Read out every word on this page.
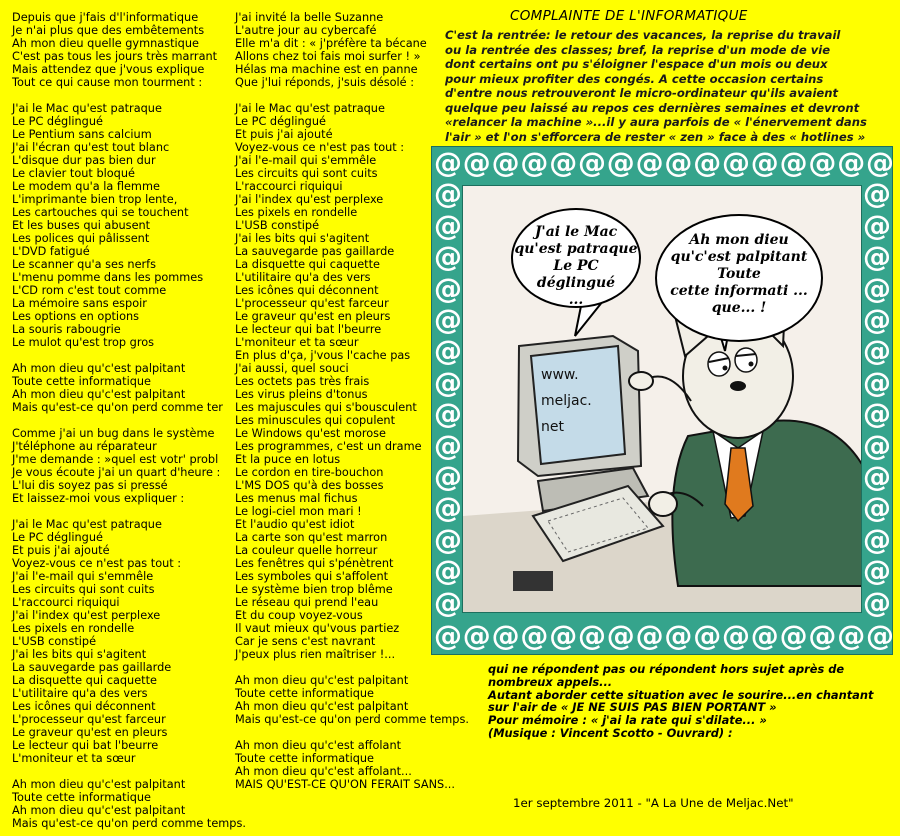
Depuis que j'fais d'l'informatique
Je n'ai plus que des embêtements
Ah mon dieu quelle gymnastique
C'est pas tous les jours très marrant
Mais attendez que j'vous explique
Tout ce qui cause mon tourment :
J'ai le Mac qu'est patraque
Le PC déglingué
Le Pentium sans calcium
J'ai l'écran qu'est tout blanc
L'disque dur pas bien dur
Le clavier tout bloqué
Le modem qu'a la flemme
L'imprimante bien trop lente,
Les cartouches qui se touchent
Et les buses qui abusent
Les polices qui pâlissent
L'DVD fatigué
Le scanner qu'a ses nerfs
L'menu pomme dans les pommes
L'CD rom c'est tout comme
La mémoire sans espoir
Les options en options
La souris rabougrie
Le mulot qu'est trop gros
Ah mon dieu qu'c'est palpitant
Toute cette informatique
Ah mon dieu qu'c'est palpitant
Mais qu'est-ce qu'on perd comme ter
Comme j'ai un bug dans le système
J'téléphone au réparateur
J'me demande : »quel est votr' probl
Je vous écoute j'ai un quart d'heure :
L'lui dis soyez pas si pressé
Et laissez-moi vous expliquer :
J'ai le Mac qu'est patraque
Le PC déglingué
Et puis j'ai ajouté
Voyez-vous ce n'est pas tout :
J'ai l'e-mail qui s'emmêle
Les circuits qui sont cuits
L'raccourci riquiqui
J'ai l'index qu'est perplexe
Les pixels en rondelle
L'USB constipé
J'ai les bits qui s'agitent
La sauvegarde pas gaillarde
La disquette qui caquette
L'utilitaire qu'a des vers
Les icônes qui déconnent
L'processeur qu'est farceur
Le graveur qu'est en pleurs
Le lecteur qui bat l'beurre
L'moniteur et ta sœur
Ah mon dieu qu'c'est palpitant
Toute cette informatique
Ah mon dieu qu'c'est palpitant
Mais qu'est-ce qu'on perd comme temps.
J'ai invité la belle Suzanne
L'autre jour au cybercafé
Elle m'a dit : « j'préfère ta bécane
Allons chez toi fais moi surfer ! »
Hélas ma machine est en panne
Que j'lui réponds, j'suis désolé :
J'ai le Mac qu'est patraque
Le PC déglingué
Et puis j'ai ajouté
Voyez-vous ce n'est pas tout :
J'ai l'e-mail qui s'emmêle
Les circuits qui sont cuits
L'raccourci riquiqui
J'ai l'index qu'est perplexe
Les pixels en rondelle
L'USB constipé
J'ai les bits qui s'agitent
La sauvegarde pas gaillarde
La disquette qui caquette
L'utilitaire qu'a des vers
Les icônes qui déconnent
L'processeur qu'est farceur
Le graveur qu'est en pleurs
Le lecteur qui bat l'beurre
L'moniteur et ta sœur
En plus d'ça, j'vous l'cache pas
J'ai aussi, quel souci
Les octets pas très frais
Les virus pleins d'tonus
Les majuscules qui s'bousculent
Les minuscules qui copulent
Le Windows qu'est morose
Les programmes, c'est un drame
Et la puce en lotus
Le cordon en tire-bouchon
L'MS DOS qu'à des bosses
Les menus mal fichus
Le logi-ciel mon mari !
Et l'audio qu'est idiot
La carte son qu'est marron
La couleur quelle horreur
Les fenêtres qui s'pénètrent
Les symboles qui s'affolent
Le système bien trop blême
Le réseau qui prend l'eau
Et du coup voyez-vous
Il vaut mieux qu'vous partiez
Car je sens c'est navrant
J'peux plus rien maîtriser !...
Ah mon dieu qu'c'est palpitant
Toute cette informatique
Ah mon dieu qu'c'est palpitant
Mais qu'est-ce qu'on perd comme temps.
Ah mon dieu qu'c'est affolant
Toute cette informatique
Ah mon dieu qu'c'est affolant...
MAIS QU'EST-CE QU'ON FERAIT SANS...
COMPLAINTE DE L'INFORMATIQUE
C'est la rentrée: le retour des vacances, la reprise du travail
ou la rentrée des classes; bref, la reprise d'un mode de vie
dont certains ont pu s'éloigner l'espace d'un mois ou deux
pour mieux profiter des congés. A cette occasion certains
d'entre nous retrouveront le micro-ordinateur qu'ils avaient
quelque peu laissé au repos ces dernières semaines et devront
«relancer la machine »...il y aura parfois de « l'énervement dans
l'air » et l'on s'efforcera de rester « zen » face à des « hotlines »
@
@
@
@
@
@
@
@
@
@
@
@
@
@
@
@
@
@
@
@
@
@
@
@
@
@
@
@
@
@
@
@
@	@
@	@
@	@
@	@
@	@
@	@
@	@
@	@
@	@
@	@
@	@
@	@
@	@
@	@
J'ai le Mac
qu'est patraque
Le PC déglingué
...
Ah mon dieu
qu'c'est palpitant
Toute
cette informati ...
que... !
www.
meljac.
net
qui ne répondent pas ou répondent hors sujet après de
nombreux appels...
Autant aborder cette situation avec le sourire...en chantant
sur l'air de « JE NE SUIS PAS BIEN PORTANT »
Pour mémoire : « j'ai la rate qui s'dilate... »
(Musique : Vincent Scotto - Ouvrard) :
1er septembre 2011 - "A La Une de Meljac.Net"
